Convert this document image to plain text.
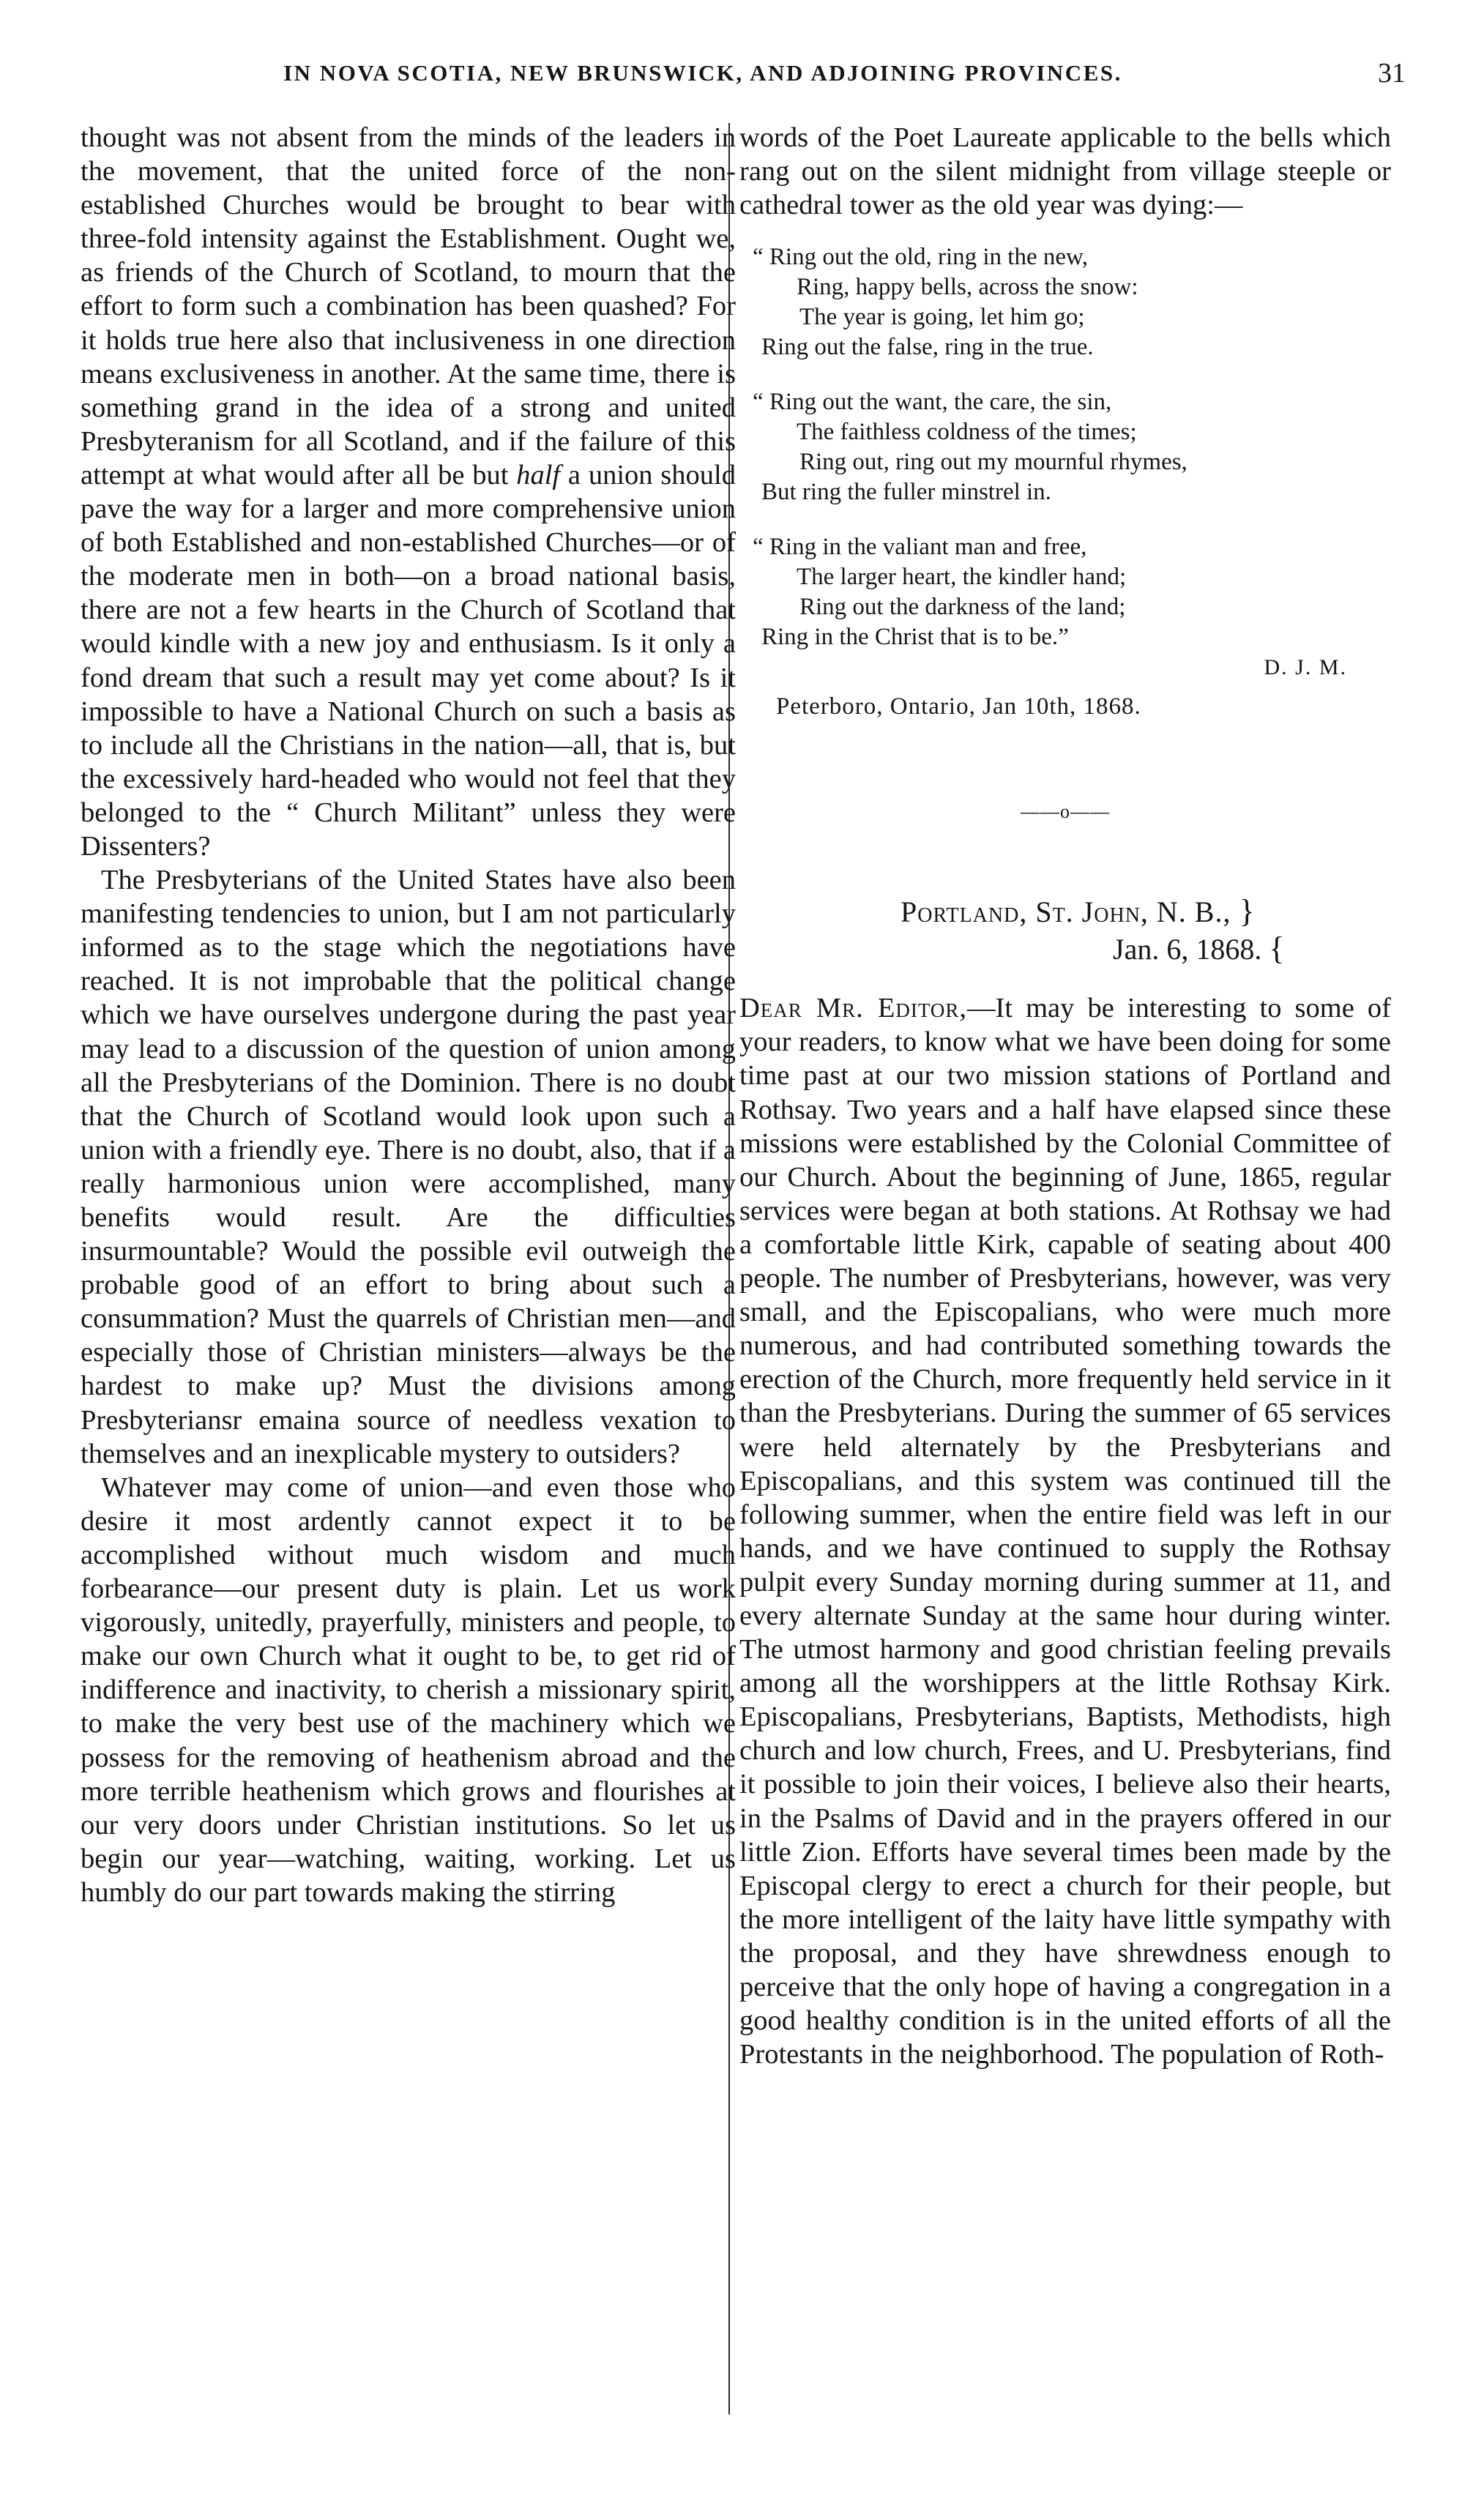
IN NOVA SCOTIA, NEW BRUNSWICK, AND ADJOINING PROVINCES.	31

thought was not absent from the minds of the leaders in the movement, that the united force of the non-established Churches would be brought to bear with three-fold intensity against the Establishment. Ought we, as friends of the Church of Scotland, to mourn that the effort to form such a combination has been quashed? For it holds true here also that inclusiveness in one direction means exclusiveness in another. At the same time, there is something grand in the idea of a strong and united Presbyteranism for all Scotland, and if the failure of this attempt at what would after all be but half a union should pave the way for a larger and more comprehensive union of both Established and non-established Churches—or of the moderate men in both—on a broad national basis, there are not a few hearts in the Church of Scotland that would kindle with a new joy and enthusiasm. Is it only a fond dream that such a result may yet come about? Is it impossible to have a National Church on such a basis as to include all the Christians in the nation—all, that is, but the excessively hard-headed who would not feel that they belonged to the “ Church Militant” unless they were Dissenters?

The Presbyterians of the United States have also been manifesting tendencies to union, but I am not particularly informed as to the stage which the negotiations have reached. It is not improbable that the political change which we have ourselves undergone during the past year may lead to a discussion of the question of union among all the Presbyterians of the Dominion. There is no doubt that the Church of Scotland would look upon such a union with a friendly eye. There is no doubt, also, that if a really harmonious union were accomplished, many benefits would result. Are the difficulties insurmountable? Would the possible evil outweigh the probable good of an effort to bring about such a consummation? Must the quarrels of Christian men—and especially those of Christian ministers—always be the hardest to make up? Must the divisions among Presbyteriansr emaina source of needless vexation to themselves and an inexplicable mystery to outsiders?

Whatever may come of union—and even those who desire it most ardently cannot expect it to be accomplished without much wisdom and much forbearance—our present duty is plain. Let us work vigorously, unitedly, prayerfully, ministers and people, to make our own Church what it ought to be, to get rid of indifference and inactivity, to cherish a missionary spirit, to make the very best use of the machinery which we possess for the removing of heathenism abroad and the more terrible heathenism which grows and flourishes at our very doors under Christian institutions. So let us begin our year—watching, waiting, working. Let us humbly do our part towards making the stirring

words of the Poet Laureate applicable to the bells which rang out on the silent midnight from village steeple or cathedral tower as the old year was dying:—

“ Ring out the old, ring in the new,
Ring, happy bells, across the snow:
The year is going, let him go;
Ring out the false, ring in the true.
“ Ring out the want, the care, the sin,
The faithless coldness of the times;
Ring out, ring out my mournful rhymes,
But ring the fuller minstrel in.
“ Ring in the valiant man and free,
The larger heart, the kindler hand;
Ring out the darkness of the land;
Ring in the Christ that is to be.”
D. J. M.
Peterboro, Ontario, Jan 10th, 1868.
——o——
Portland, St. John, N. B., }
Jan. 6, 1868. {

Dear Mr. Editor,—It may be interesting to some of your readers, to know what we have been doing for some time past at our two mission stations of Portland and Rothsay. Two years and a half have elapsed since these missions were established by the Colonial Committee of our Church. About the beginning of June, 1865, regular services were began at both stations. At Rothsay we had a comfortable little Kirk, capable of seating about 400 people. The number of Presbyterians, however, was very small, and the Episcopalians, who were much more numerous, and had contributed something towards the erection of the Church, more frequently held service in it than the Presbyterians. During the summer of 65 services were held alternately by the Presbyterians and Episcopalians, and this system was continued till the following summer, when the entire field was left in our hands, and we have continued to supply the Rothsay pulpit every Sunday morning during summer at 11, and every alternate Sunday at the same hour during winter. The utmost harmony and good christian feeling prevails among all the worshippers at the little Rothsay Kirk. Episcopalians, Presbyterians, Baptists, Methodists, high church and low church, Frees, and U. Presbyterians, find it possible to join their voices, I believe also their hearts, in the Psalms of David and in the prayers offered in our little Zion. Efforts have several times been made by the Episcopal clergy to erect a church for their people, but the more intelligent of the laity have little sympathy with the proposal, and they have shrewdness enough to perceive that the only hope of having a congregation in a good healthy condition is in the united efforts of all the Protestants in the neighborhood. The population of Roth-
